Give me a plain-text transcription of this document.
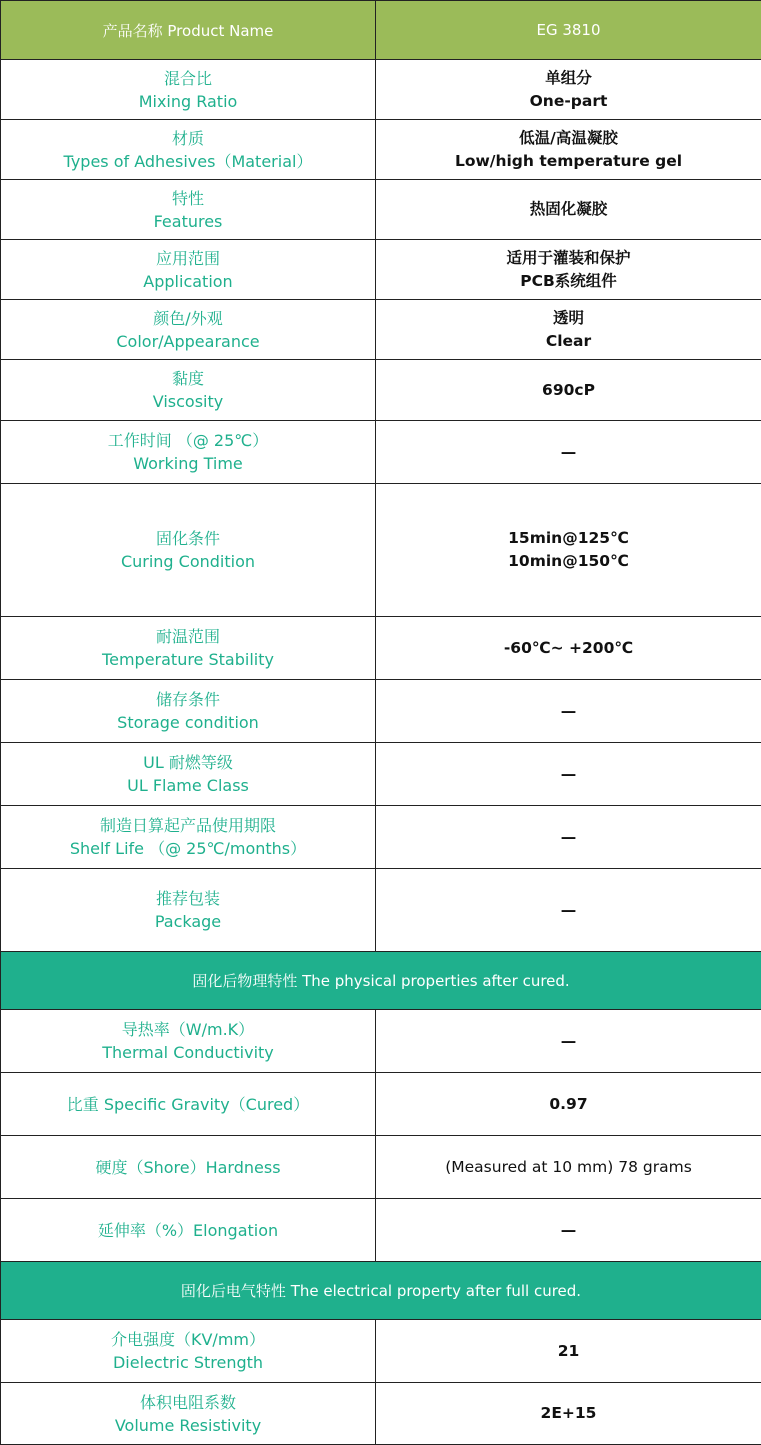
产品名称 Product Name	EG 3810

混合比
Mixing Ratio	单组分
One-part

材质
Types of Adhesives（Material）	低温/高温凝胶
Low/high temperature gel

特性
Features	热固化凝胶

应用范围
Application	适用于灌装和保护
PCB系统组件

颜色/外观
Color/Appearance	透明
Clear

黏度
Viscosity	690cP

工作时间 （@ 25℃）
Working Time	—

固化条件
Curing Condition	15min@125℃
10min@150℃

耐温范围
Temperature Stability	-60℃~ +200℃

储存条件
Storage condition	—

UL 耐燃等级
UL Flame Class	—

制造日算起产品使用期限
Shelf Life （@ 25℃/months）	—

推荐包装
Package	—

固化后物理特性 The physical properties after cured.	

导热率（W/m.K）
Thermal Conductivity	—

比重 Specific Gravity（Cured）	0.97

硬度（Shore）Hardness	(Measured at 10 mm) 78 grams

延伸率（%）Elongation	—

固化后电气特性 The electrical property after full cured.	

介电强度（KV/mm）
Dielectric Strength	21

体积电阻系数
Volume Resistivity	2E+15
